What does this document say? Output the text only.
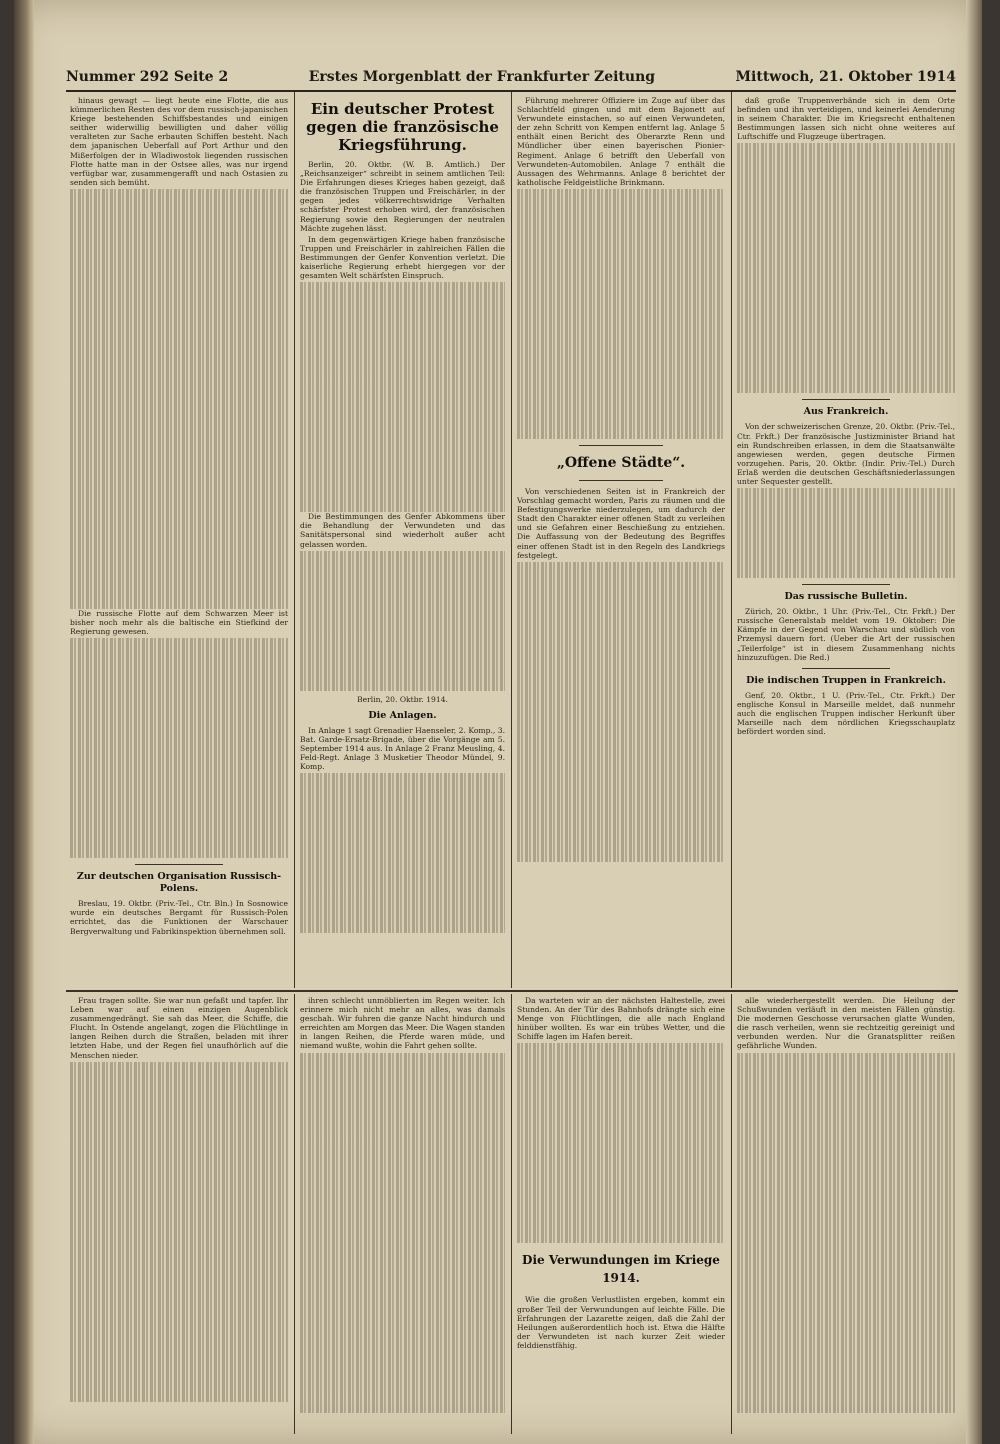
Nummer 292 Seite 2	Erstes Morgenblatt der Frankfurter Zeitung	Mittwoch, 21. Oktober 1914

hinaus gewagt — liegt heute eine Flotte, die aus kümmerlichen Resten des vor dem russisch-japanischen Kriege bestehenden Schiffsbestandes und einigen seither widerwillig bewilligten und daher völlig veralteten zur Sache erbauten Schiffen besteht. Nach dem japanischen Ueberfall auf Port Arthur und den Mißerfolgen der in Wladiwostok liegenden russischen Flotte hatte man in der Ostsee alles, was nur irgend verfügbar war, zusammengerafft und nach Ostasien zu senden sich bemüht.

Die russische Flotte auf dem Schwarzen Meer ist bisher noch mehr als die baltische ein Stiefkind der Regierung gewesen.

Zur deutschen Organisation Russisch-Polens.

Breslau, 19. Oktbr. (Priv.-Tel., Ctr. Bln.) In Sosnowice wurde ein deutsches Bergamt für Russisch-Polen errichtet, das die Funktionen der Warschauer Bergverwaltung und Fabrikinspektion übernehmen soll.

Ein deutscher Protest gegen die französische Kriegsführung.

Berlin, 20. Oktbr. (W. B. Amtlich.) Der „Reichsanzeiger“ schreibt in seinem amtlichen Teil: Die Erfahrungen dieses Krieges haben gezeigt, daß die französischen Truppen und Freischärler, in der gegen jedes völkerrechtswidrige Verhalten schärfster Protest erhoben wird, der französischen Regierung sowie den Regierungen der neutralen Mächte zugehen lässt.

In dem gegenwärtigen Kriege haben französische Truppen und Freischärler in zahlreichen Fällen die Bestimmungen der Genfer Konvention verletzt. Die kaiserliche Regierung erhebt hiergegen vor der gesamten Welt schärfsten Einspruch.

Die Bestimmungen des Genfer Abkommens über die Behandlung der Verwundeten und das Sanitätspersonal sind wiederholt außer acht gelassen worden.

Berlin, 20. Oktbr. 1914.
Die Anlagen.

In Anlage 1 sagt Grenadier Haenseler, 2. Komp., 3. Bat. Garde-Ersatz-Brigade, über die Vorgänge am 5. September 1914 aus. In Anlage 2 Franz Meusling, 4. Feld-Regt. Anlage 3 Musketier Theodor Mündel, 9. Komp.

Führung mehrerer Offiziere im Zuge auf über das Schlachtfeld gingen und mit dem Bajonett auf Verwundete einstachen, so auf einen Verwundeten, der zehn Schritt von Kempen entfernt lag. Anlage 5 enthält einen Bericht des Oberarzte Renn und Mündlicher über einen bayerischen Pionier-Regiment. Anlage 6 betrifft den Ueberfall von Verwundeten-Automobilen. Anlage 7 enthält die Aussagen des Wehrmanns. Anlage 8 berichtet der katholische Feldgeistliche Brinkmann.

„Offene Städte“.

Von verschiedenen Seiten ist in Frankreich der Vorschlag gemacht worden, Paris zu räumen und die Befestigungswerke niederzulegen, um dadurch der Stadt den Charakter einer offenen Stadt zu verleihen und sie Gefahren einer Beschießung zu entziehen. Die Auffassung von der Bedeutung des Begriffes einer offenen Stadt ist in den Regeln des Landkriegs festgelegt.

daß große Truppenverbände sich in dem Orte befinden und ihn verteidigen, und keinerlei Aenderung in seinem Charakter. Die im Kriegsrecht enthaltenen Bestimmungen lassen sich nicht ohne weiteres auf Luftschiffe und Flugzeuge übertragen.

Aus Frankreich.

Von der schweizerischen Grenze, 20. Oktbr. (Priv.-Tel., Ctr. Frkft.) Der französische Justizminister Briand hat ein Rundschreiben erlassen, in dem die Staatsanwälte angewiesen werden, gegen deutsche Firmen vorzugehen. Paris, 20. Oktbr. (Indir. Priv.-Tel.) Durch Erlaß werden die deutschen Geschäftsniederlassungen unter Sequester gestellt.

Das russische Bulletin.

Zürich, 20. Oktbr., 1 Uhr. (Priv.-Tel., Ctr. Frkft.) Der russische Generalstab meldet vom 19. Oktober: Die Kämpfe in der Gegend von Warschau und südlich von Przemysl dauern fort. (Ueber die Art der russischen „Teilerfolge“ ist in diesem Zusammenhang nichts hinzuzufügen. Die Red.)

Die indischen Truppen in Frankreich.

Genf, 20. Oktbr., 1 U. (Priv.-Tel., Ctr. Frkft.) Der englische Konsul in Marseille meldet, daß nunmehr auch die englischen Truppen indischer Herkunft über Marseille nach dem nördlichen Kriegsschauplatz befördert worden sind.

Frau tragen sollte. Sie war nun gefaßt und tapfer. Ihr Leben war auf einen einzigen Augenblick zusammengedrängt. Sie sah das Meer, die Schiffe, die Flucht. In Ostende angelangt, zogen die Flüchtlinge in langen Reihen durch die Straßen, beladen mit ihrer letzten Habe, und der Regen fiel unaufhörlich auf die Menschen nieder.

ihren schlecht unmöblierten im Regen weiter. Ich erinnere mich nicht mehr an alles, was damals geschah. Wir fuhren die ganze Nacht hindurch und erreichten am Morgen das Meer. Die Wagen standen in langen Reihen, die Pferde waren müde, und niemand wußte, wohin die Fahrt gehen sollte.

Da warteten wir an der nächsten Haltestelle, zwei Stunden. An der Tür des Bahnhofs drängte sich eine Menge von Flüchtlingen, die alle nach England hinüber wollten. Es war ein trübes Wetter, und die Schiffe lagen im Hafen bereit.

Die Verwundungen im Kriege 1914.

Wie die großen Verlustlisten ergeben, kommt ein großer Teil der Verwundungen auf leichte Fälle. Die Erfahrungen der Lazarette zeigen, daß die Zahl der Heilungen außerordentlich hoch ist. Etwa die Hälfte der Verwundeten ist nach kurzer Zeit wieder felddienstfähig.

alle wiederhergestellt werden. Die Heilung der Schußwunden verläuft in den meisten Fällen günstig. Die modernen Geschosse verursachen glatte Wunden, die rasch verheilen, wenn sie rechtzeitig gereinigt und verbunden werden. Nur die Granatsplitter reißen gefährliche Wunden.
